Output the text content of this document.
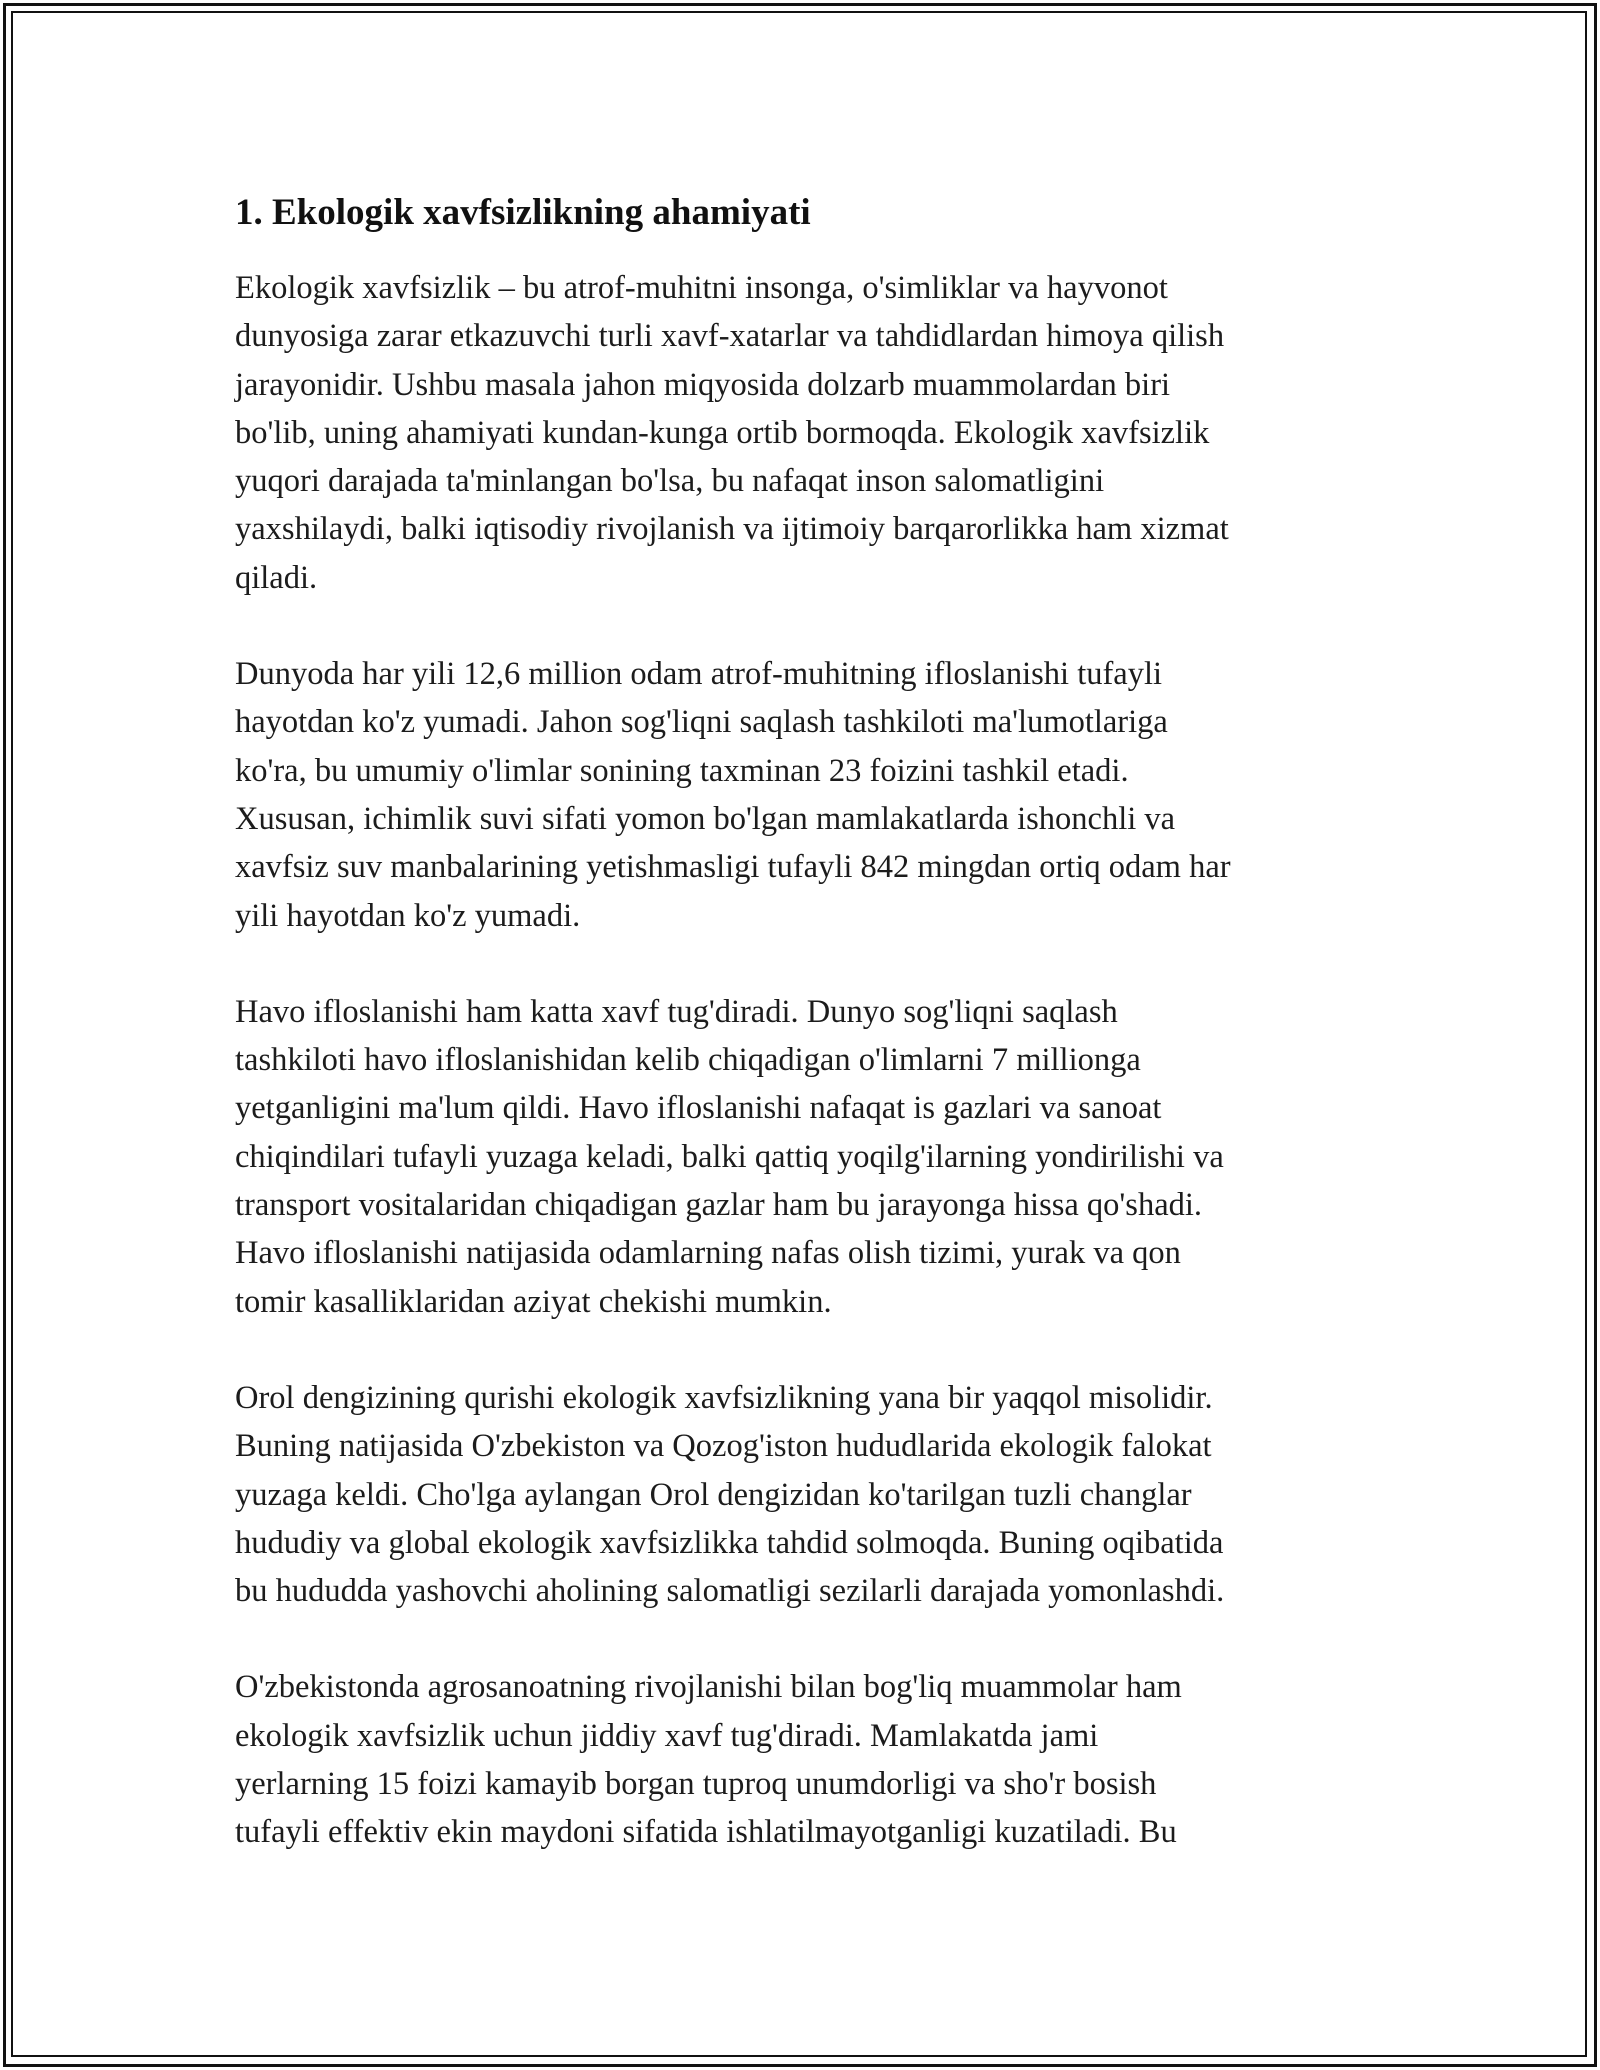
1. Ekologik xavfsizlikning ahamiyati

Ekologik xavfsizlik – bu atrof-muhitni insonga, o'simliklar va hayvonot
dunyosiga zarar etkazuvchi turli xavf-xatarlar va tahdidlardan himoya qilish
jarayonidir. Ushbu masala jahon miqyosida dolzarb muammolardan biri
bo'lib, uning ahamiyati kundan-kunga ortib bormoqda. Ekologik xavfsizlik
yuqori darajada ta'minlangan bo'lsa, bu nafaqat inson salomatligini
yaxshilaydi, balki iqtisodiy rivojlanish va ijtimoiy barqarorlikka ham xizmat
qiladi.

Dunyoda har yili 12,6 million odam atrof-muhitning ifloslanishi tufayli
hayotdan ko'z yumadi. Jahon sog'liqni saqlash tashkiloti ma'lumotlariga
ko'ra, bu umumiy o'limlar sonining taxminan 23 foizini tashkil etadi.
Xususan, ichimlik suvi sifati yomon bo'lgan mamlakatlarda ishonchli va
xavfsiz suv manbalarining yetishmasligi tufayli 842 mingdan ortiq odam har
yili hayotdan ko'z yumadi.

Havo ifloslanishi ham katta xavf tug'diradi. Dunyo sog'liqni saqlash
tashkiloti havo ifloslanishidan kelib chiqadigan o'limlarni 7 millionga
yetganligini ma'lum qildi. Havo ifloslanishi nafaqat is gazlari va sanoat
chiqindilari tufayli yuzaga keladi, balki qattiq yoqilg'ilarning yondirilishi va
transport vositalaridan chiqadigan gazlar ham bu jarayonga hissa qo'shadi.
Havo ifloslanishi natijasida odamlarning nafas olish tizimi, yurak va qon
tomir kasalliklaridan aziyat chekishi mumkin.

Orol dengizining qurishi ekologik xavfsizlikning yana bir yaqqol misolidir.
Buning natijasida O'zbekiston va Qozog'iston hududlarida ekologik falokat
yuzaga keldi. Cho'lga aylangan Orol dengizidan ko'tarilgan tuzli changlar
hududiy va global ekologik xavfsizlikka tahdid solmoqda. Buning oqibatida
bu hududda yashovchi aholining salomatligi sezilarli darajada yomonlashdi.

O'zbekistonda agrosanoatning rivojlanishi bilan bog'liq muammolar ham
ekologik xavfsizlik uchun jiddiy xavf tug'diradi. Mamlakatda jami
yerlarning 15 foizi kamayib borgan tuproq unumdorligi va sho'r bosish
tufayli effektiv ekin maydoni sifatida ishlatilmayotganligi kuzatiladi. Bu
